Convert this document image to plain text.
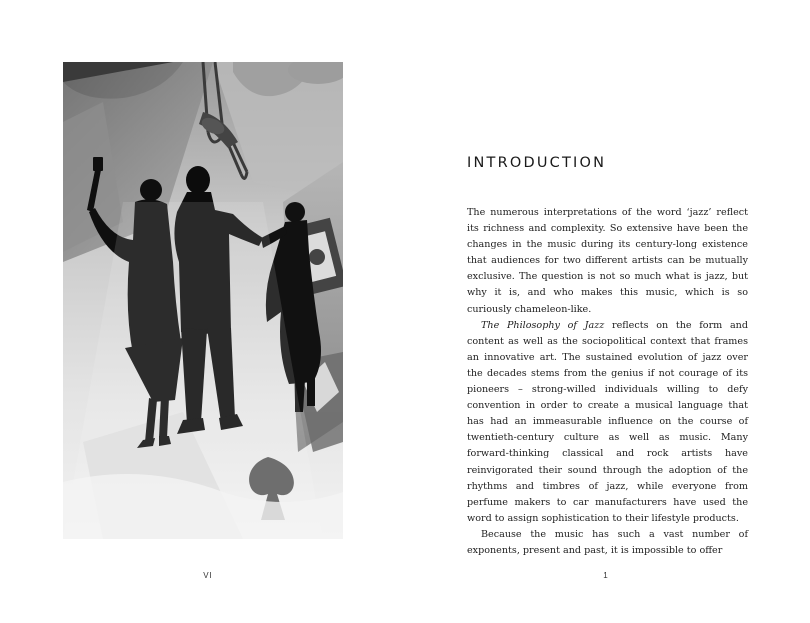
VI
INTRODUCTION

The numerous interpretations of the word ‘jazz’ reflect its richness and complexity. So extensive have been the changes in the music during its century-long existence that audiences for two different artists can be mutually exclusive. The question is not so much what is jazz, but why it is, and who makes this music, which is so curiously chameleon-like.

The Philosophy of Jazz reflects on the form and content as well as the sociopolitical context that frames an innovative art. The sustained evolution of jazz over the decades stems from the genius if not courage of its pioneers – strong-willed individuals willing to defy convention in order to create a musical language that has had an immeasurable influence on the course of twentieth-century culture as well as music. Many forward-thinking classical and rock artists have reinvigorated their sound through the adoption of the rhythms and timbres of jazz, while everyone from perfume makers to car manufacturers have used the word to assign sophistication to their lifestyle products.

Because the music has such a vast number of exponents, present and past, it is impossible to offer

1
